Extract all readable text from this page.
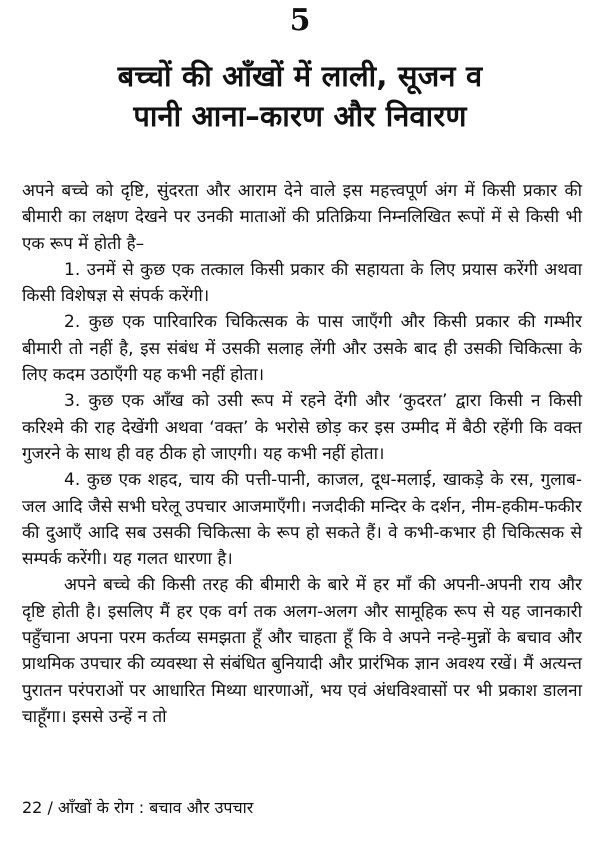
5
बच्चों की आँखों में लाली, सूजन व
पानी आना–कारण और निवारण

अपने बच्चे को दृष्टि, सुंदरता और आराम देने वाले इस महत्त्वपूर्ण अंग में किसी प्रकार की बीमारी का लक्षण देखने पर उनकी माताओं की प्रतिक्रिया निम्नलिखित रूपों में से किसी भी एक रूप में होती है–

1. उनमें से कुछ एक तत्काल किसी प्रकार की सहायता के लिए प्रयास करेंगी अथवा किसी विशेषज्ञ से संपर्क करेंगी।

2. कुछ एक पारिवारिक चिकित्सक के पास जाएँगी और किसी प्रकार की गम्भीर बीमारी तो नहीं है, इस संबंध में उसकी सलाह लेंगी और उसके बाद ही उसकी चिकित्सा के लिए कदम उठाएँगी यह कभी नहीं होता।

3. कुछ एक आँख को उसी रूप में रहने देंगी और ‘कुदरत’ द्वारा किसी न किसी करिश्मे की राह देखेंगी अथवा ‘वक्त’ के भरोसे छोड़ कर इस उम्मीद में बैठी रहेंगी कि वक्त गुजरने के साथ ही वह ठीक हो जाएगी। यह कभी नहीं होता।

4. कुछ एक शहद, चाय की पत्ती-पानी, काजल, दूध-मलाई, खाकड़े के रस, गुलाब-जल आदि जैसे सभी घरेलू उपचार आजमाएँगी। नजदीकी मन्दिर के दर्शन, नीम-हकीम-फकीर की दुआएँ आदि सब उसकी चिकित्सा के रूप हो सकते हैं। वे कभी-कभार ही चिकित्सक से सम्पर्क करेंगी। यह गलत धारणा है।

अपने बच्चे की किसी तरह की बीमारी के बारे में हर माँ की अपनी-अपनी राय और दृष्टि होती है। इसलिए मैं हर एक वर्ग तक अलग-अलग और सामूहिक रूप से यह जानकारी पहुँचाना अपना परम कर्तव्य समझता हूँ और चाहता हूँ कि वे अपने नन्हे-मुन्नों के बचाव और प्राथमिक उपचार की व्यवस्था से संबंधित बुनियादी और प्रारंभिक ज्ञान अवश्य रखें। मैं अत्यन्त पुरातन परंपराओं पर आधारित मिथ्या धारणाओं, भय एवं अंधविश्वासों पर भी प्रकाश डालना चाहूँगा। इससे उन्हें न तो

22 / आँखों के रोग : बचाव और उपचार
